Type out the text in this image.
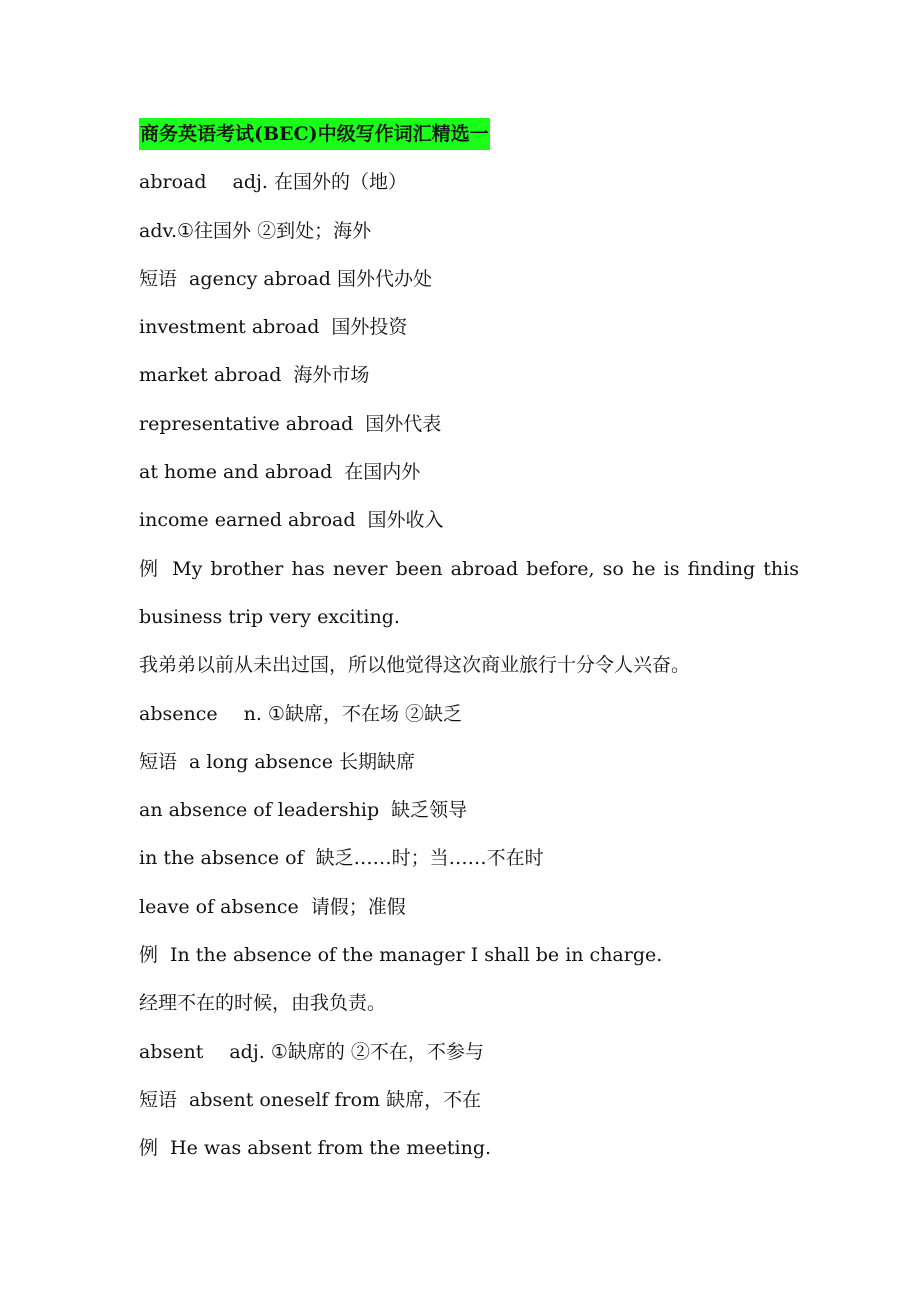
商务英语考试(BEC)中级写作词汇精选一
abroad adj. 在国外的（地）
adv.①往国外 ②到处；海外
短语 agency abroad 国外代办处
investment abroad 国外投资
market abroad 海外市场
representative abroad 国外代表
at home and abroad 在国内外
income earned abroad 国外收入
例 My brother has never been abroad before, so he is finding this
business trip very exciting.
我弟弟以前从未出过国，所以他觉得这次商业旅行十分令人兴奋。
absence n. ①缺席，不在场 ②缺乏
短语 a long absence 长期缺席
an absence of leadership 缺乏领导
in the absence of 缺乏……时；当……不在时
leave of absence 请假；准假
例 In the absence of the manager I shall be in charge.
经理不在的时候，由我负责。
absent adj. ①缺席的 ②不在，不参与
短语 absent oneself from 缺席，不在
例 He was absent from the meeting.
